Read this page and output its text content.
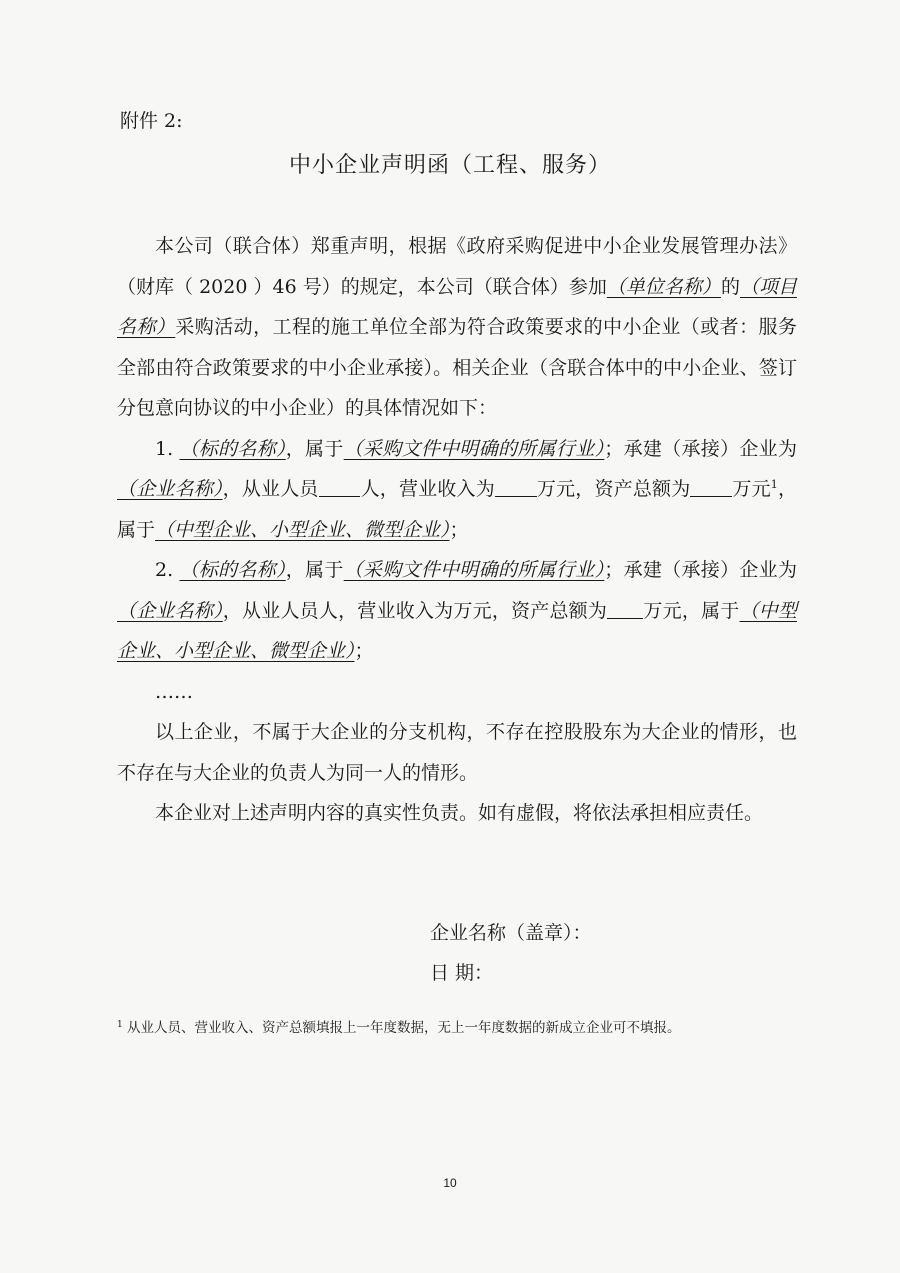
附件 2:
中小企业声明函（工程、服务）

本公司（联合体）郑重声明，根据《政府采购促进中小企业发展管理办法》（财库（ 2020 ）46 号）的规定，本公司（联合体）参加（单位名称）的（项目名称）采购活动，工程的施工单位全部为符合政策要求的中小企业（或者：服务全部由符合政策要求的中小企业承接）。相关企业（含联合体中的中小企业、签订分包意向协议的中小企业）的具体情况如下：

1. （标的名称），属于（采购文件中明确的所属行业）；承建（承接）企业为（企业名称），从业人员 人，营业收入为 万元，资产总额为 万元$^1$，属于（中型企业、小型企业、微型企业）；

2. （标的名称），属于（采购文件中明确的所属行业）；承建（承接）企业为（企业名称），从业人员人，营业收入为万元，资产总额为 万元，属于（中型企业、小型企业、微型企业）；

……

以上企业，不属于大企业的分支机构，不存在控股股东为大企业的情形，也不存在与大企业的负责人为同一人的情形。

本企业对上述声明内容的真实性负责。如有虚假，将依法承担相应责任。

企业名称（盖章）：
日 期：
$^1$ 从业人员、营业收入、资产总额填报上一年度数据，无上一年度数据的新成立企业可不填报。
10
